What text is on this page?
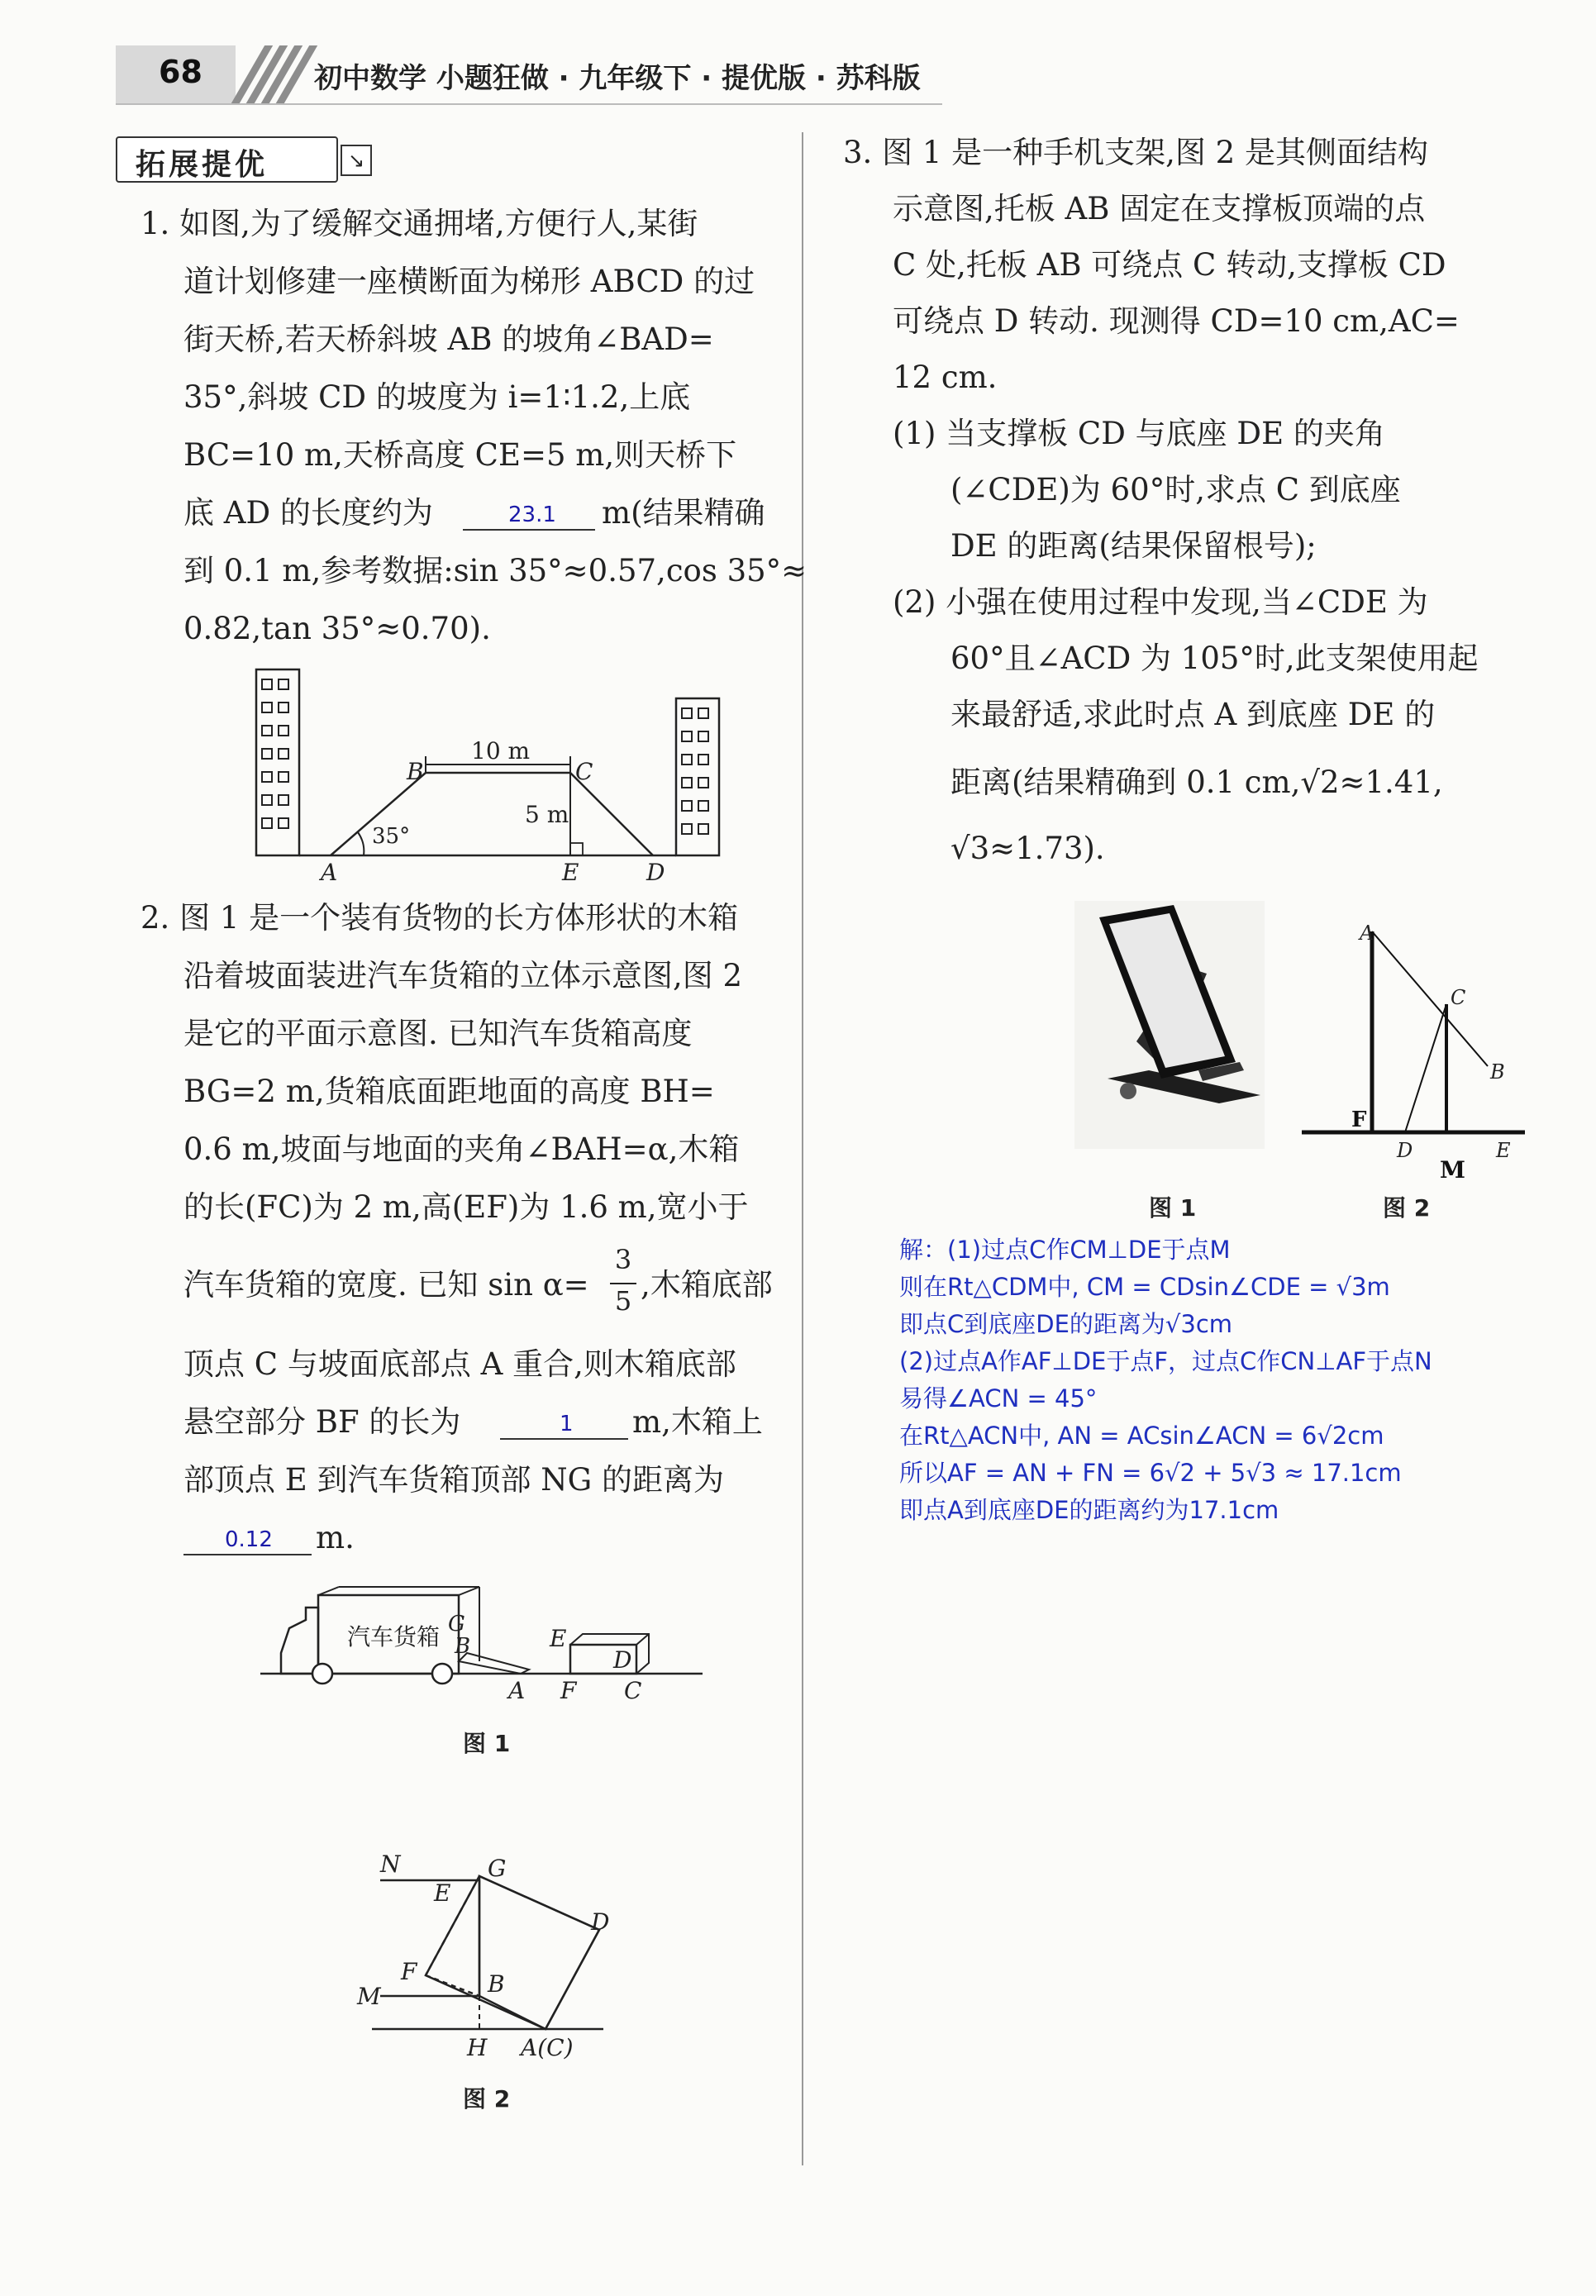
68	初中数学 小题狂做 · 九年级下 · 提优版 · 苏科版
拓展提优	↘
1. 如图,为了缓解交通拥堵,方便行人,某街
道计划修建一座横断面为梯形 ABCD 的过
街天桥,若天桥斜坡 AB 的坡角∠BAD=
35°,斜坡 CD 的坡度为 i=1∶1.2,上底
BC=10 m,天桥高度 CE=5 m,则天桥下
底 AD 的长度约为	23.1 m(结果精确
到 0.1 m,参考数据:sin 35°≈0.57,cos 35°≈
0.82,tan 35°≈0.70).
10 m
5 m
35°
B	C
A	E	D
2. 图 1 是一个装有货物的长方体形状的木箱
沿着坡面装进汽车货箱的立体示意图,图 2
是它的平面示意图. 已知汽车货箱高度
BG=2 m,货箱底面距地面的高度 BH=
0.6 m,坡面与地面的夹角∠BAH=α,木箱
的长(FC)为 2 m,高(EF)为 1.6 m,宽小于
汽车货箱的宽度. 已知 sin α=
3
5 ,木箱底部
顶点 C 与坡面底部点 A 重合,则木箱底部
悬空部分 BF 的长为	1 m,木箱上
部顶点 E 到汽车货箱顶部 NG 的距离为
0.12 m.
汽车货箱 G
B	E
D
A F C
图 1
N	G
E
F	B
D
M
H A(C)
图 2
3. 图 1 是一种手机支架,图 2 是其侧面结构
示意图,托板 AB 固定在支撑板顶端的点
C 处,托板 AB 可绕点 C 转动,支撑板 CD
可绕点 D 转动. 现测得 CD=10 cm,AC=
12 cm.
(1) 当支撑板 CD 与底座 DE 的夹角
(∠CDE)为 60°时,求点 C 到底座
DE 的距离(结果保留根号);
(2) 小强在使用过程中发现,当∠CDE 为
60°且∠ACD 为 105°时,此支架使用起
来最舒适,求此时点 A 到底座 DE 的
距离(结果精确到 0.1 cm,√2≈1.41,
√3≈1.73).
图 1
A
C
B
F
D	E
M
图 2
解：(1)过点C作CM⊥DE于点M
则在Rt△CDM中, CM = CDsin∠CDE = √3m
即点C到底座DE的距离为√3cm
(2)过点A作AF⊥DE于点F，过点C作CN⊥AF于点N
易得∠ACN = 45°
在Rt△ACN中, AN = ACsin∠ACN = 6√2cm
所以AF = AN + FN = 6√2 + 5√3 ≈ 17.1cm
即点A到底座DE的距离约为17.1cm
